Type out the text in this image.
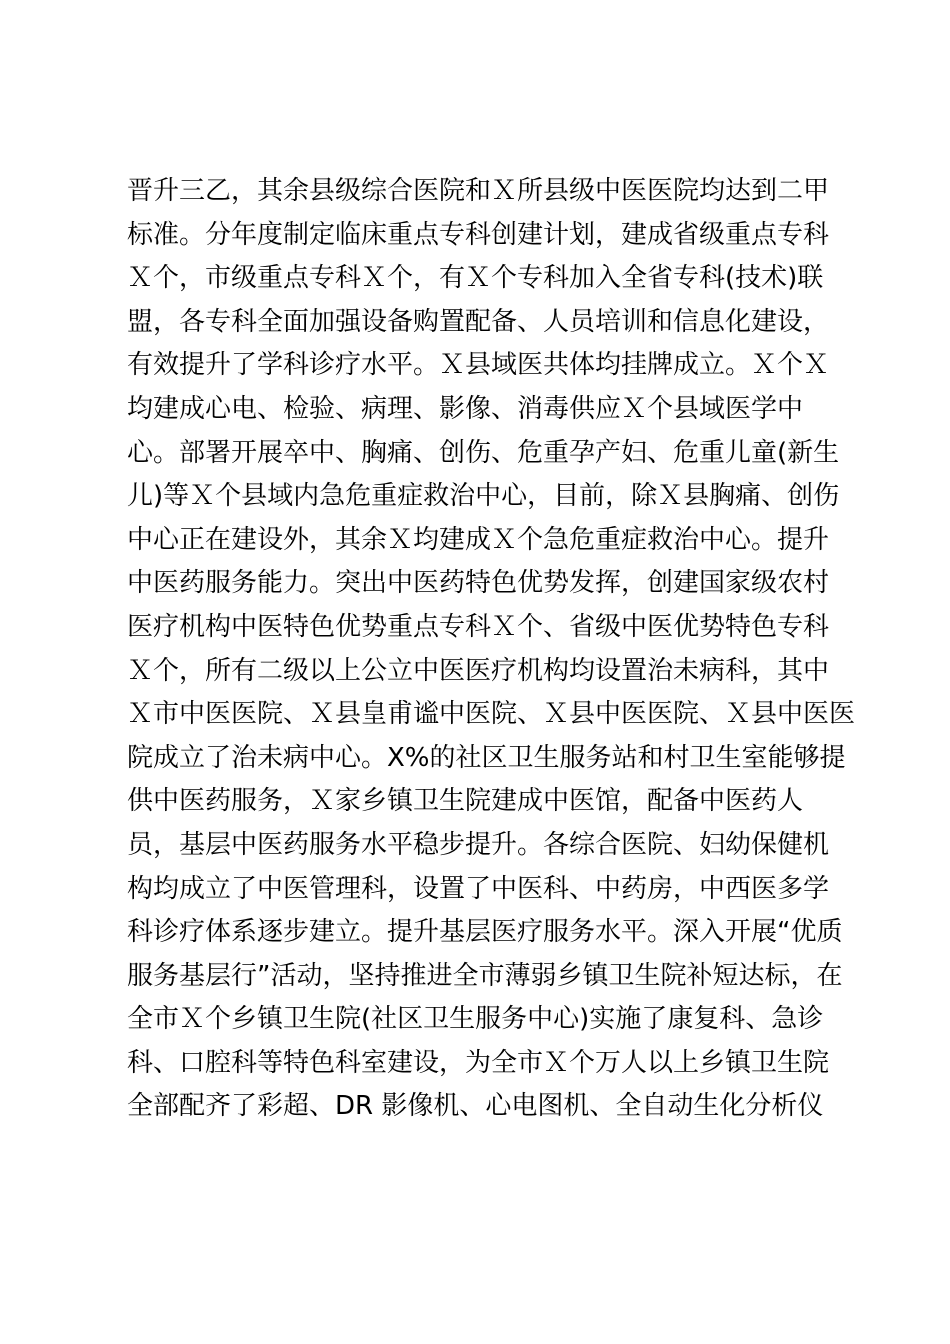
晋升三乙，其余县级综合医院和Ｘ所县级中医医院均达到二甲
标准。分年度制定临床重点专科创建计划，建成省级重点专科
Ｘ个，市级重点专科Ｘ个，有Ｘ个专科加入全省专科(技术)联
盟，各专科全面加强设备购置配备、人员培训和信息化建设，
有效提升了学科诊疗水平。Ｘ县域医共体均挂牌成立。Ｘ个Ｘ
均建成心电、检验、病理、影像、消毒供应Ｘ个县域医学中
心。部署开展卒中、胸痛、创伤、危重孕产妇、危重儿童(新生
儿)等Ｘ个县域内急危重症救治中心，目前，除Ｘ县胸痛、创伤
中心正在建设外，其余Ｘ均建成Ｘ个急危重症救治中心。提升
中医药服务能力。突出中医药特色优势发挥，创建国家级农村
医疗机构中医特色优势重点专科Ｘ个、省级中医优势特色专科
Ｘ个，所有二级以上公立中医医疗机构均设置治未病科，其中
Ｘ市中医医院、Ｘ县皇甫谧中医院、Ｘ县中医医院、Ｘ县中医医
院成立了治未病中心。X%的社区卫生服务站和村卫生室能够提
供中医药服务，Ｘ家乡镇卫生院建成中医馆，配备中医药人
员，基层中医药服务水平稳步提升。各综合医院、妇幼保健机
构均成立了中医管理科，设置了中医科、中药房，中西医多学
科诊疗体系逐步建立。提升基层医疗服务水平。深入开展“优质
服务基层行”活动，坚持推进全市薄弱乡镇卫生院补短达标，在
全市Ｘ个乡镇卫生院(社区卫生服务中心)实施了康复科、急诊
科、口腔科等特色科室建设，为全市Ｘ个万人以上乡镇卫生院
全部配齐了彩超、DR 影像机、心电图机、全自动生化分析仪
